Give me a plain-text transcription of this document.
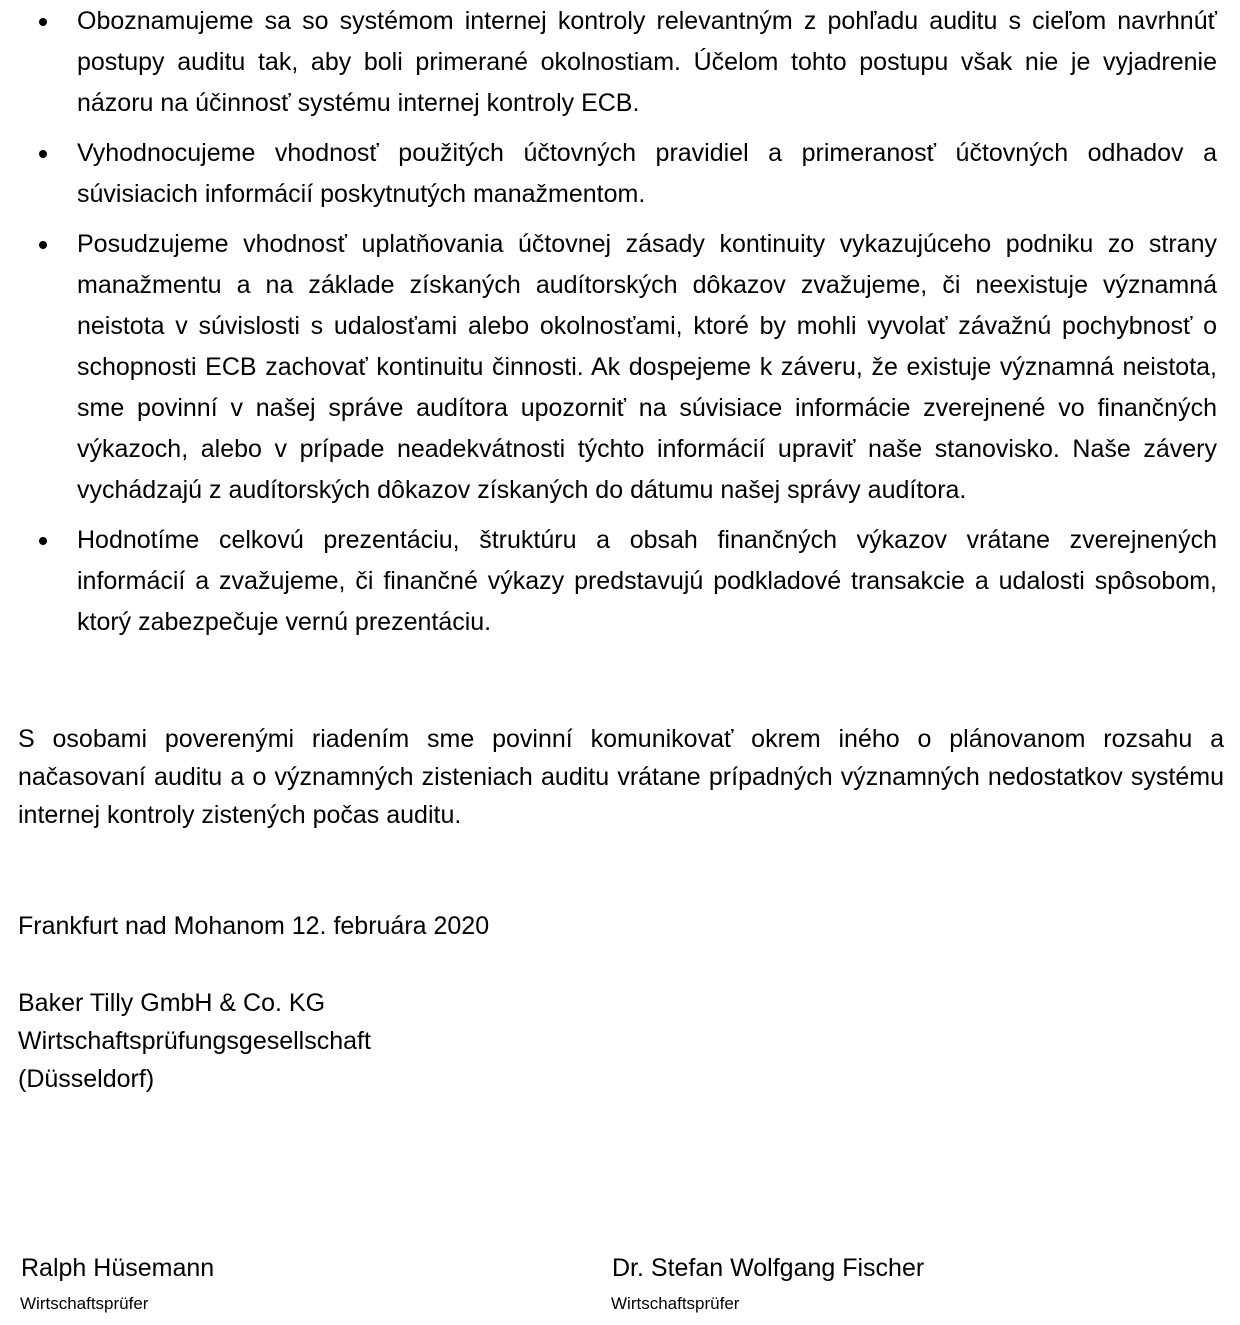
Oboznamujeme sa so systémom internej kontroly relevantným z pohľadu auditu s cieľom navrhnúť postupy auditu tak, aby boli primerané okolnostiam. Účelom tohto postupu však nie je vyjadrenie názoru na účinnosť systému internej kontroly ECB.
Vyhodnocujeme vhodnosť použitých účtovných pravidiel a primeranosť účtovných odhadov a súvisiacich informácií poskytnutých manažmentom.
Posudzujeme vhodnosť uplatňovania účtovnej zásady kontinuity vykazujúceho podniku zo strany manažmentu a na základe získaných audítorských dôkazov zvažujeme, či neexistuje významná neistota v súvislosti s udalosťami alebo okolnosťami, ktoré by mohli vyvolať závažnú pochybnosť o schopnosti ECB zachovať kontinuitu činnosti. Ak dospejeme k záveru, že existuje významná neistota, sme povinní v našej správe audítora upozorniť na súvisiace informácie zverejnené vo finančných výkazoch, alebo v prípade neadekvátnosti týchto informácií upraviť naše stanovisko. Naše závery vychádzajú z audítorských dôkazov získaných do dátumu našej správy audítora.
Hodnotíme celkovú prezentáciu, štruktúru a obsah finančných výkazov vrátane zverejnených informácií a zvažujeme, či finančné výkazy predstavujú podkladové transakcie a udalosti spôsobom, ktorý zabezpečuje vernú prezentáciu.

S osobami poverenými riadením sme povinní komunikovať okrem iného o plánovanom rozsahu a načasovaní auditu a o významných zisteniach auditu vrátane prípadných významných nedostatkov systému internej kontroly zistených počas auditu.

Frankfurt nad Mohanom 12. februára 2020

Baker Tilly GmbH & Co. KG

Wirtschaftsprüfungsgesellschaft

(Düsseldorf)

Ralph Hüsemann

Wirtschaftsprüfer

Dr. Stefan Wolfgang Fischer

Wirtschaftsprüfer
